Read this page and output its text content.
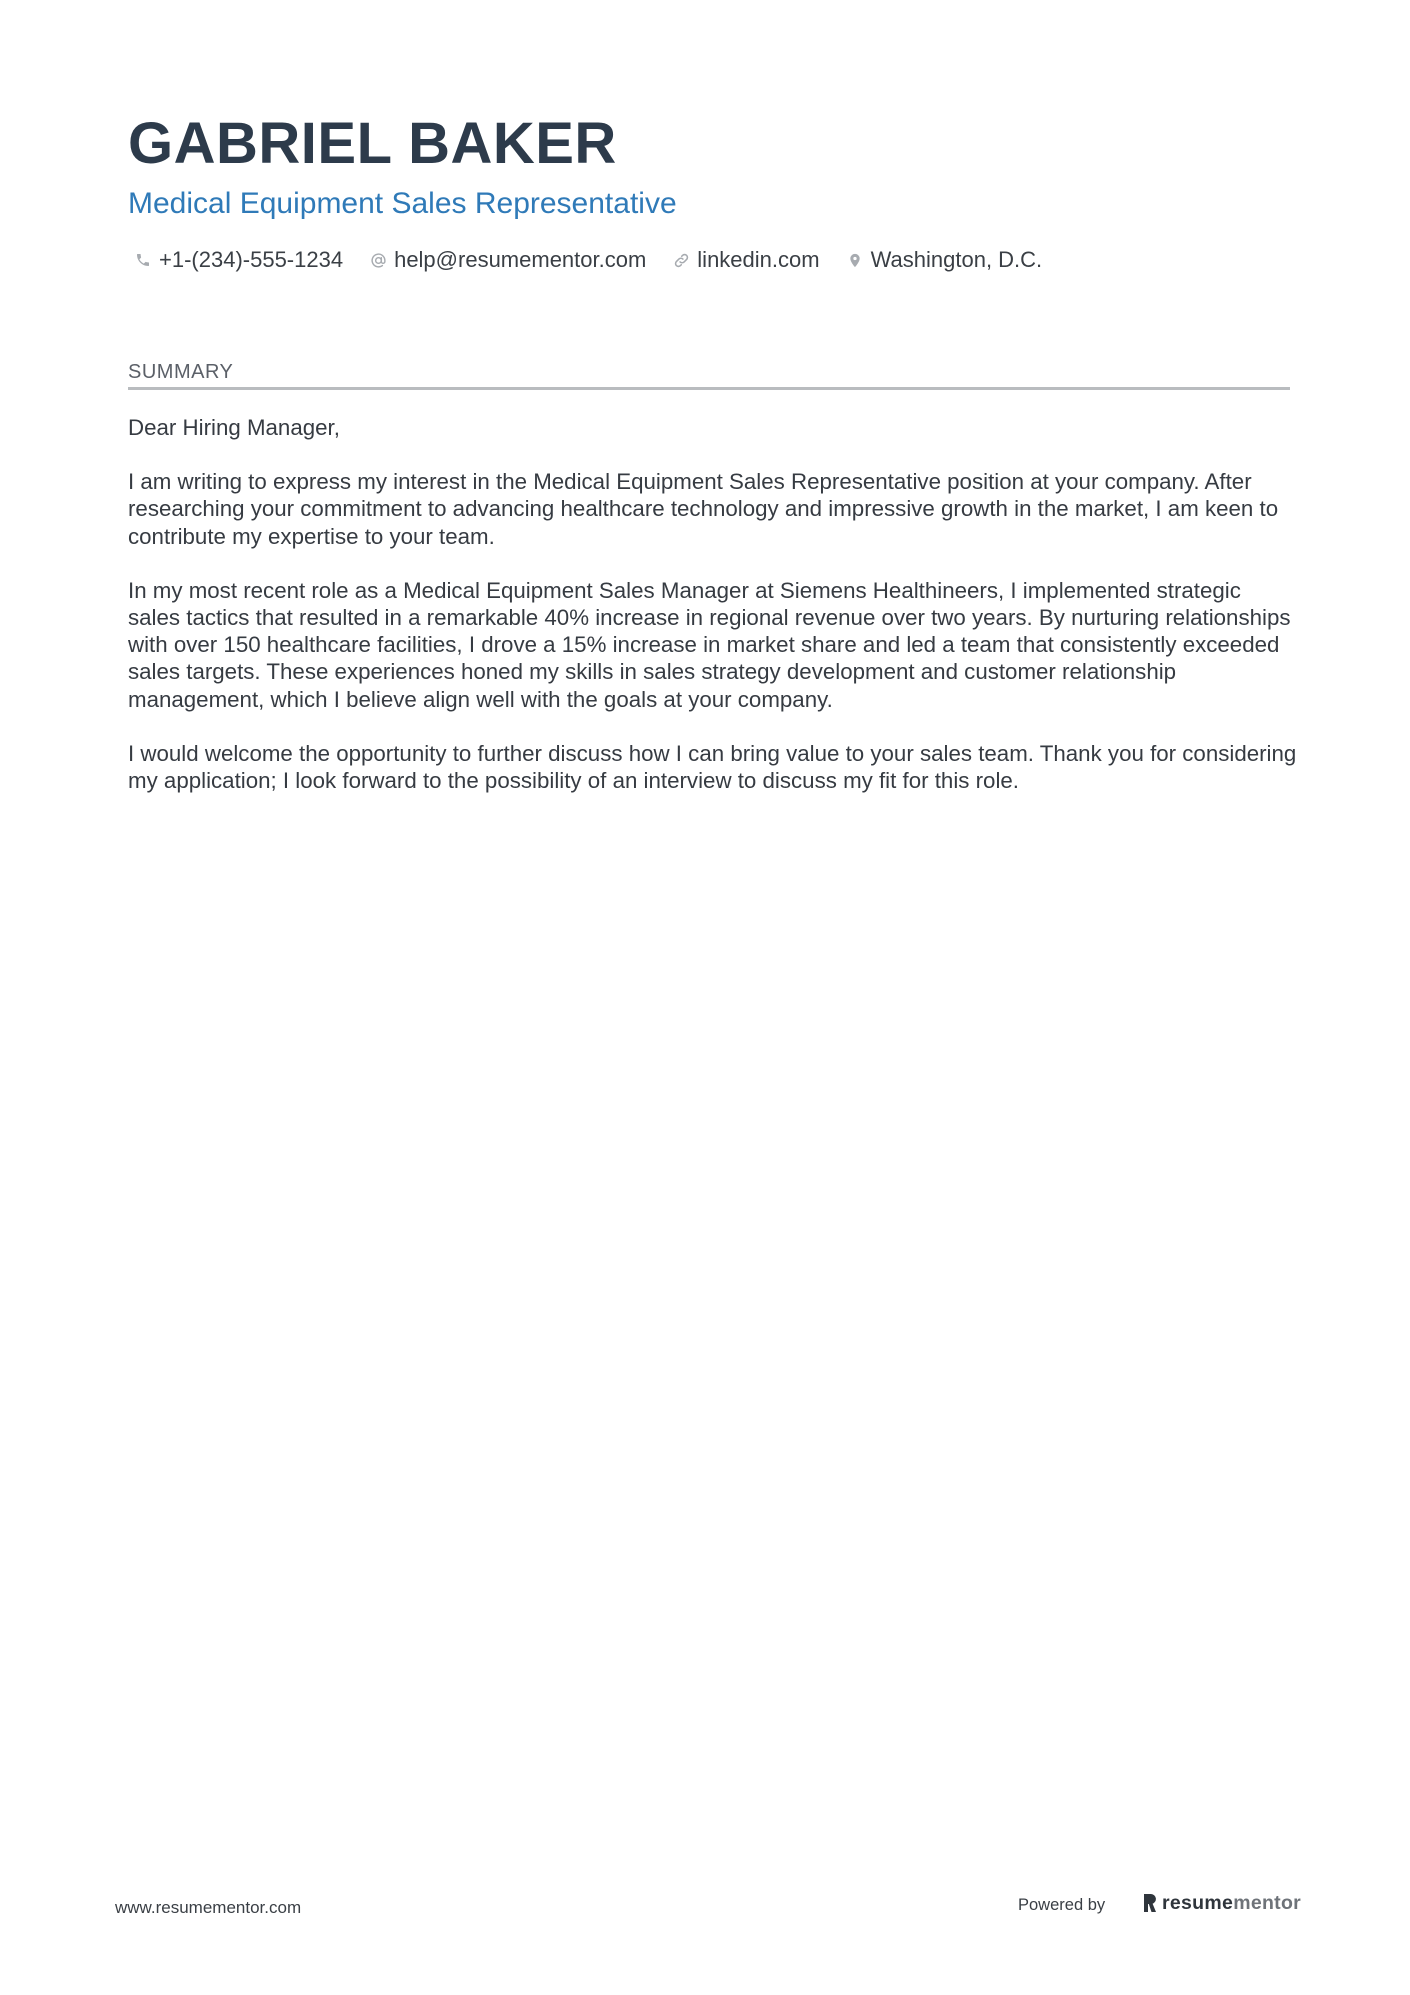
GABRIEL BAKER
Medical Equipment Sales Representative
+1-(234)-555-1234 help@resumementor.com linkedin.com Washington, D.C.
SUMMARY

Dear Hiring Manager,

I am writing to express my interest in the Medical Equipment Sales Representative position at your company. After researching your commitment to advancing healthcare technology and impressive growth in the market, I am keen to contribute my expertise to your team.

In my most recent role as a Medical Equipment Sales Manager at Siemens Healthineers, I implemented strategic sales tactics that resulted in a remarkable 40% increase in regional revenue over two years. By nurturing relationships with over 150 healthcare facilities, I drove a 15% increase in market share and led a team that consistently exceeded sales targets. These experiences honed my skills in sales strategy development and customer relationship management, which I believe align well with the goals at your company.

I would welcome the opportunity to further discuss how I can bring value to your sales team. Thank you for considering my application; I look forward to the possibility of an interview to discuss my fit for this role.

www.resumementor.com	Powered by	resumementor
